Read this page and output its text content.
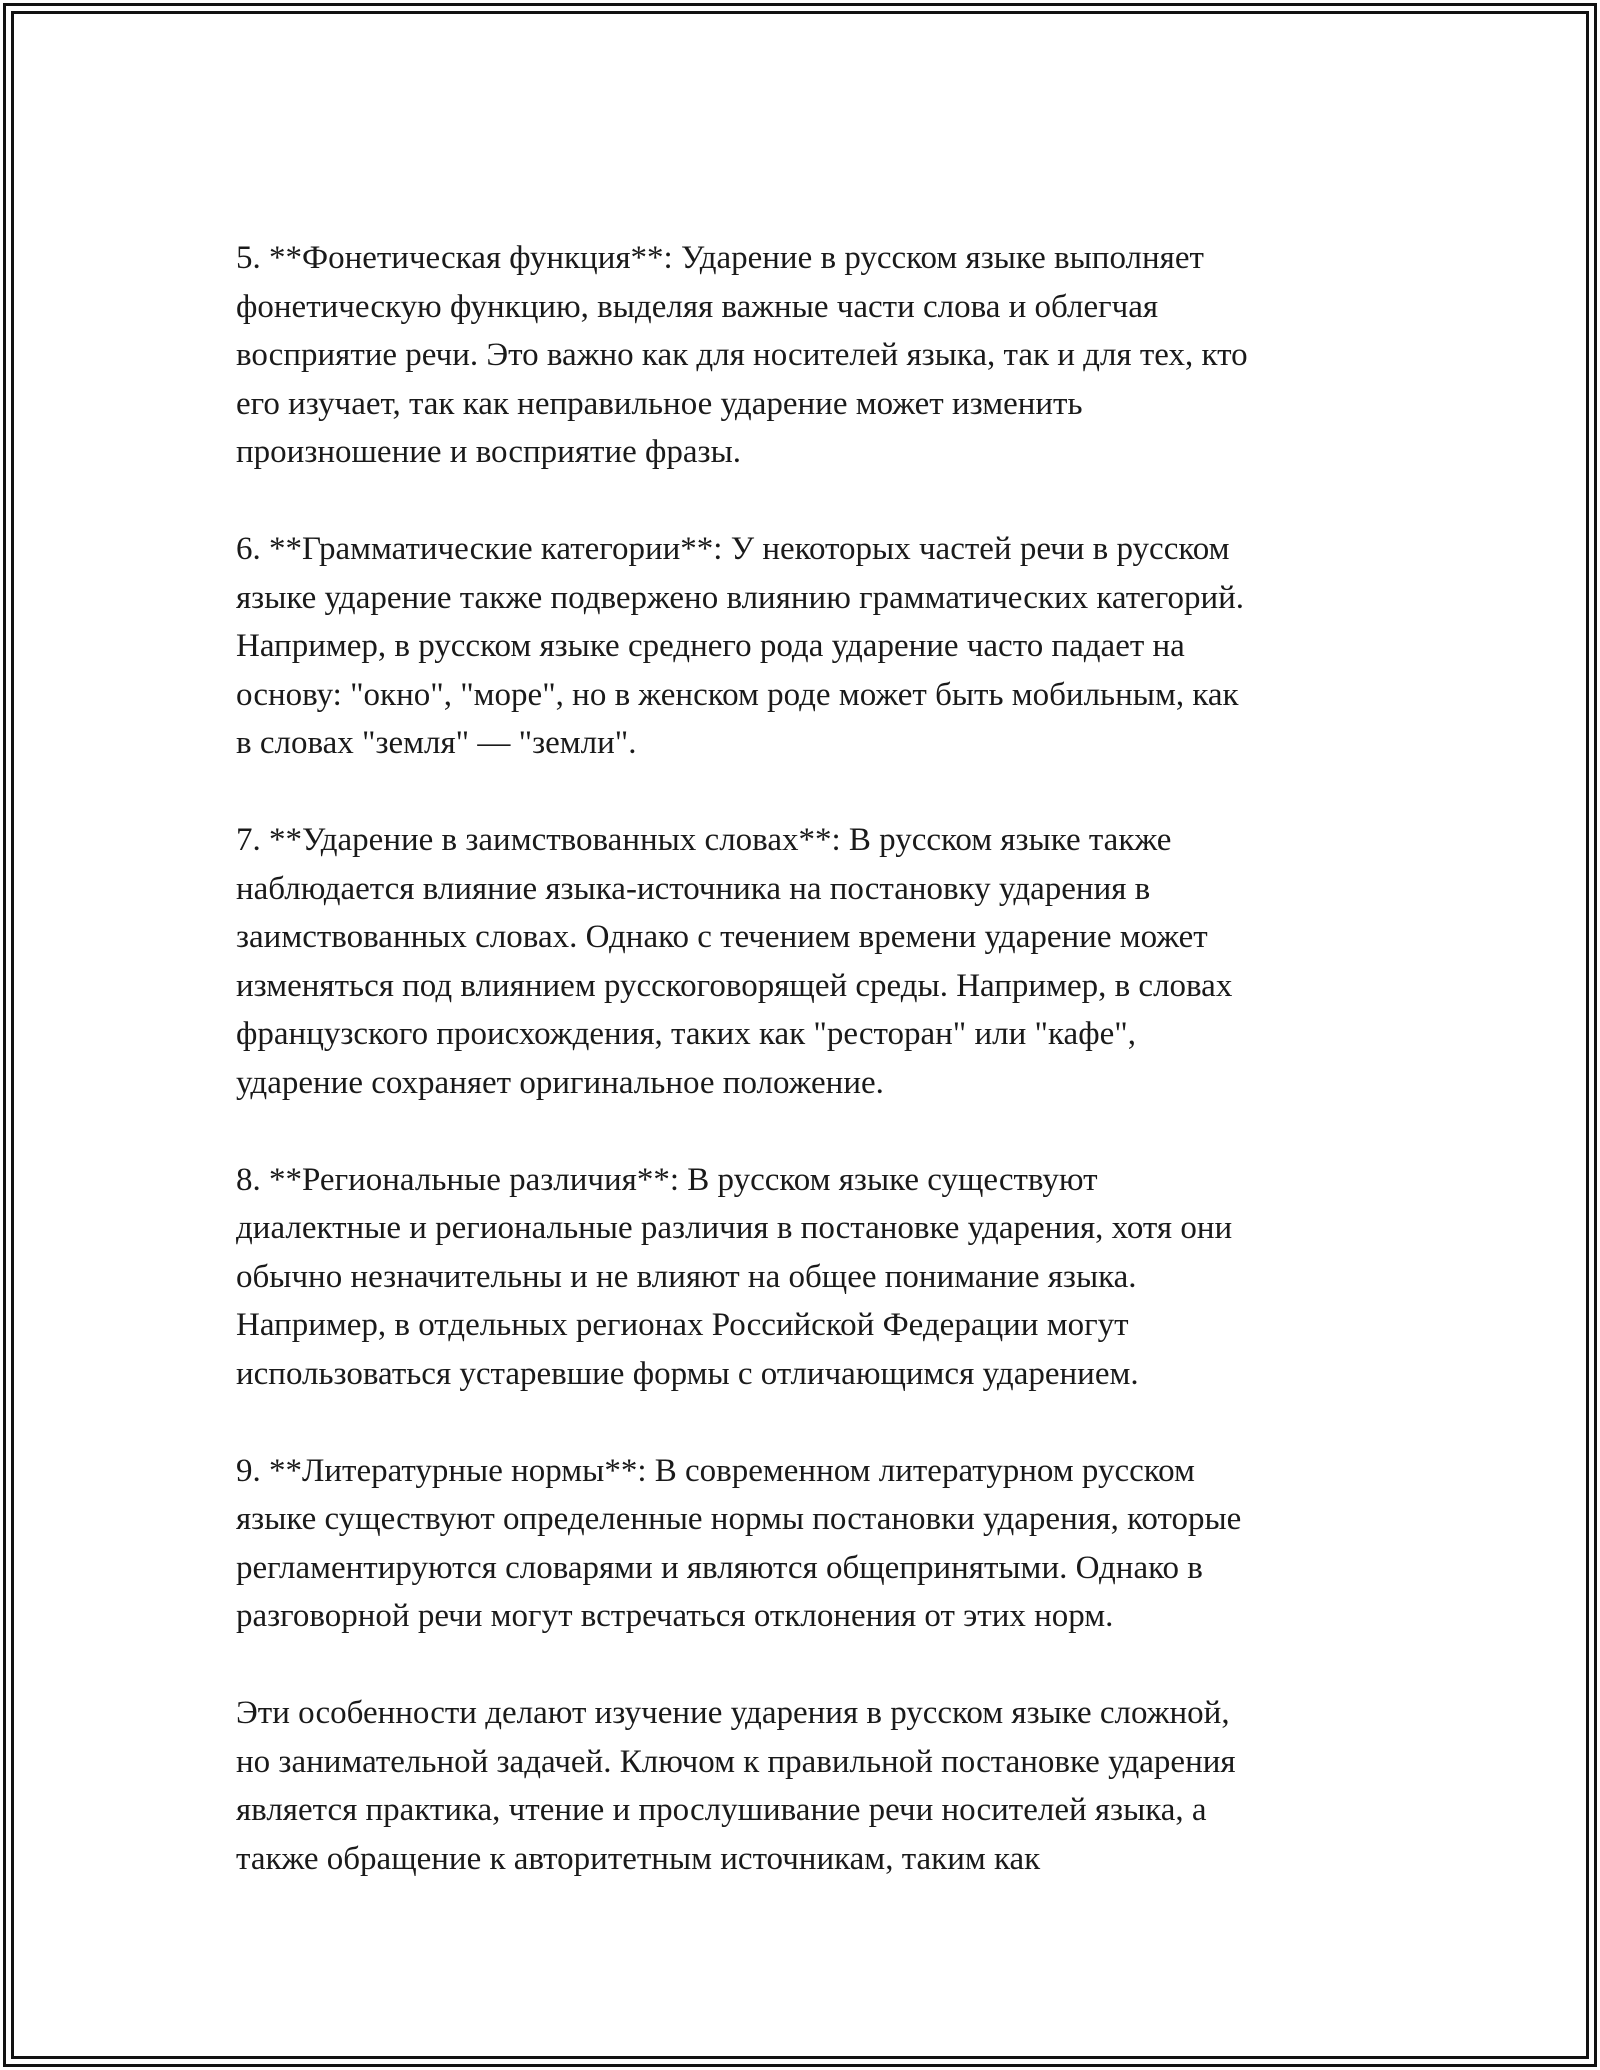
5. **Фонетическая функция**: Ударение в русском языке выполняет
фонетическую функцию, выделяя важные части слова и облегчая
восприятие речи. Это важно как для носителей языка, так и для тех, кто
его изучает, так как неправильное ударение может изменить
произношение и восприятие фразы.

6. **Грамматические категории**: У некоторых частей речи в русском
языке ударение также подвержено влиянию грамматических категорий.
Например, в русском языке среднего рода ударение часто падает на
основу: "окно", "море", но в женском роде может быть мобильным, как
в словах "земля" — "земли".

7. **Ударение в заимствованных словах**: В русском языке также
наблюдается влияние языка-источника на постановку ударения в
заимствованных словах. Однако с течением времени ударение может
изменяться под влиянием русскоговорящей среды. Например, в словах
французского происхождения, таких как "ресторан" или "кафе",
ударение сохраняет оригинальное положение.

8. **Региональные различия**: В русском языке существуют
диалектные и региональные различия в постановке ударения, хотя они
обычно незначительны и не влияют на общее понимание языка.
Например, в отдельных регионах Российской Федерации могут
использоваться устаревшие формы с отличающимся ударением.

9. **Литературные нормы**: В современном литературном русском
языке существуют определенные нормы постановки ударения, которые
регламентируются словарями и являются общепринятыми. Однако в
разговорной речи могут встречаться отклонения от этих норм.

Эти особенности делают изучение ударения в русском языке сложной,
но занимательной задачей. Ключом к правильной постановке ударения
является практика, чтение и прослушивание речи носителей языка, а
также обращение к авторитетным источникам, таким как
